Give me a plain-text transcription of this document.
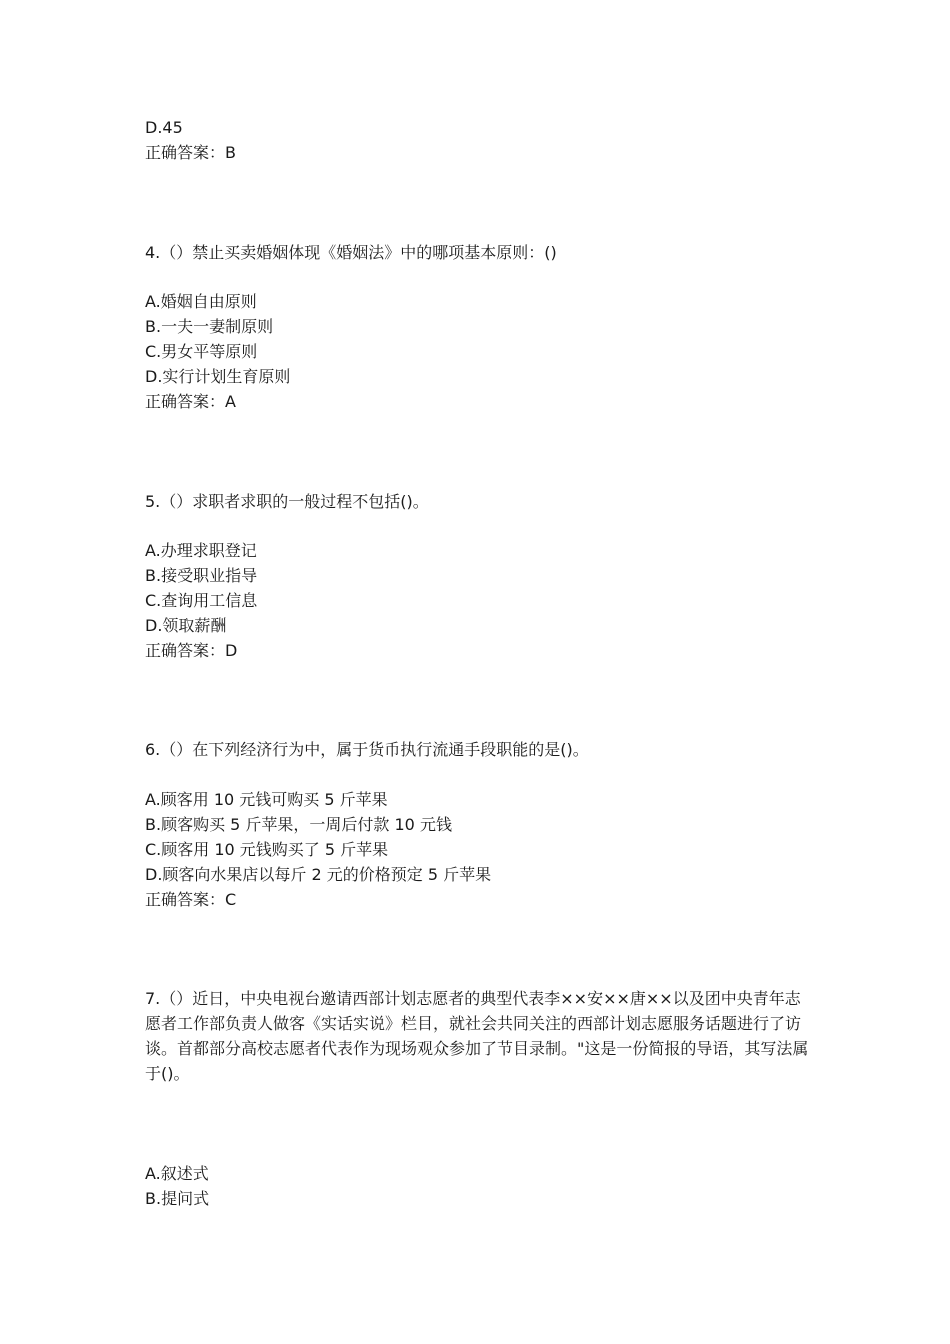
D.45
正确答案：B
4.（）禁止买卖婚姻体现《婚姻法》中的哪项基本原则：()
A.婚姻自由原则
B.一夫一妻制原则
C.男女平等原则
D.实行计划生育原则
正确答案：A
5.（）求职者求职的一般过程不包括()。
A.办理求职登记
B.接受职业指导
C.查询用工信息
D.领取薪酬
正确答案：D
6.（）在下列经济行为中，属于货币执行流通手段职能的是()。
A.顾客用 10 元钱可购买 5 斤苹果
B.顾客购买 5 斤苹果，一周后付款 10 元钱
C.顾客用 10 元钱购买了 5 斤苹果
D.顾客向水果店以每斤 2 元的价格预定 5 斤苹果
正确答案：C
7.（）近日，中央电视台邀请西部计划志愿者的典型代表李××安××唐××以及团中央青年志愿者工作部负责人做客《实话实说》栏目，就社会共同关注的西部计划志愿服务话题进行了访谈。首都部分高校志愿者代表作为现场观众参加了节目录制。"这是一份简报的导语，其写法属于()。
A.叙述式
B.提问式
